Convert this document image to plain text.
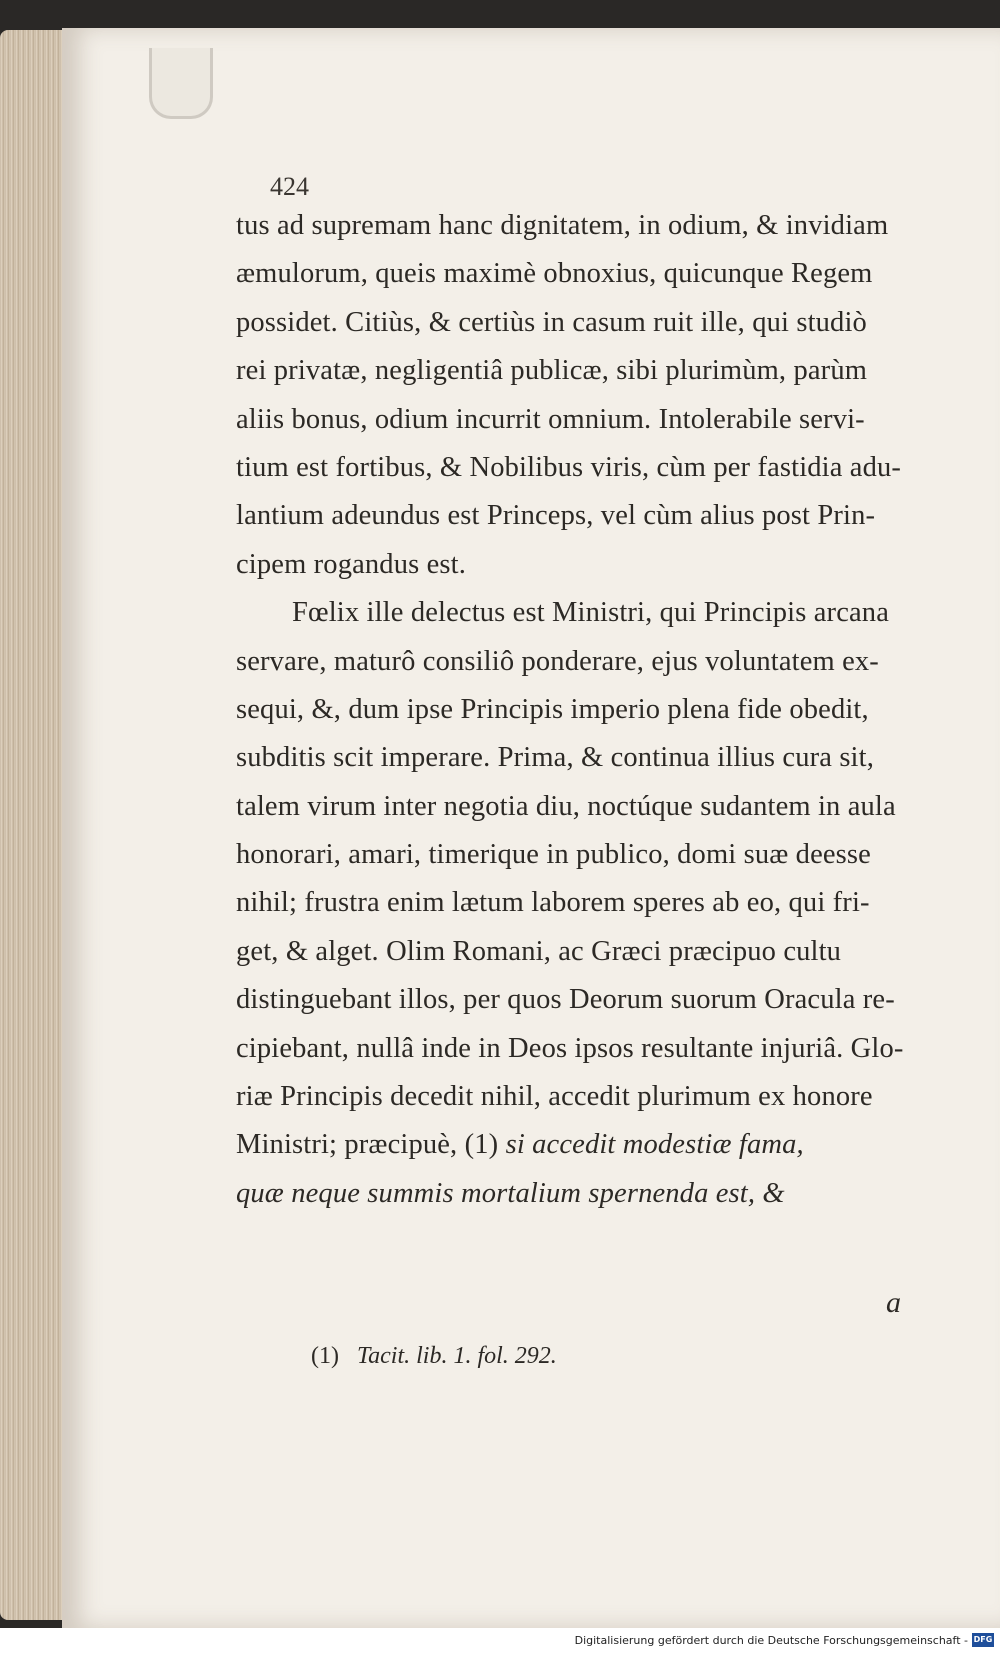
424
tus ad supremam hanc dignitatem, in odium, & invidiam
æmulorum, queis maximè obnoxius, quicunque Regem
possidet. Citiùs, & certiùs in casum ruit ille, qui studiò
rei privatæ, negligentiâ publicæ, sibi plurimùm, parùm
aliis bonus, odium incurrit omnium. Intolerabile servi-
tium est fortibus, & Nobilibus viris, cùm per fastidia adu-
lantium adeundus est Princeps, vel cùm alius post Prin-
cipem rogandus est.
Fœlix ille delectus est Ministri, qui Principis arcana
servare, maturô consiliô ponderare, ejus voluntatem ex-
sequi, &, dum ipse Principis imperio plena fide obedit,
subditis scit imperare. Prima, & continua illius cura sit,
talem virum inter negotia diu, noctúque sudantem in aula
honorari, amari, timerique in publico, domi suæ deesse
nihil; frustra enim lætum laborem speres ab eo, qui fri-
get, & alget. Olim Romani, ac Græci præcipuo cultu
distinguebant illos, per quos Deorum suorum Oracula re-
cipiebant, nullâ inde in Deos ipsos resultante injuriâ. Glo-
riæ Principis decedit nihil, accedit plurimum ex honore
Ministri; præcipuè, (1) si accedit modestiæ fama,
quæ neque summis mortalium spernenda est, &
a
(1) Tacit. lib. 1. fol. 292.
Digitalisierung gefördert durch die Deutsche Forschungsgemeinschaft - DFG
